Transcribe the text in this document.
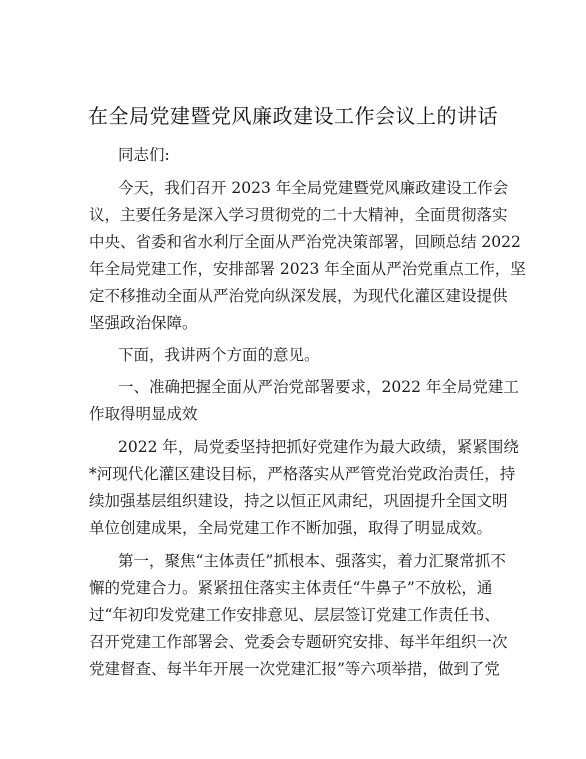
在全局党建暨党风廉政建设工作会议上的讲话
同志们:
今天，我们召开 2023 年全局党建暨党风廉政建设工作会
议，主要任务是深入学习贯彻党的二十大精神，全面贯彻落实
中央、省委和省水利厅全面从严治党决策部署，回顾总结 2022
年全局党建工作，安排部署 2023 年全面从严治党重点工作，坚
定不移推动全面从严治党向纵深发展，为现代化灌区建设提供
坚强政治保障。
下面，我讲两个方面的意见。
一、准确把握全面从严治党部署要求，2022 年全局党建工
作取得明显成效
2022 年，局党委坚持把抓好党建作为最大政绩，紧紧围绕
*河现代化灌区建设目标，严格落实从严管党治党政治责任，持
续加强基层组织建设，持之以恒正风肃纪，巩固提升全国文明
单位创建成果，全局党建工作不断加强，取得了明显成效。
第一，聚焦“主体责任”抓根本、强落实，着力汇聚常抓不
懈的党建合力。紧紧扭住落实主体责任“牛鼻子”不放松，通
过“年初印发党建工作安排意见、层层签订党建工作责任书、
召开党建工作部署会、党委会专题研究安排、每半年组织一次
党建督查、每半年开展一次党建汇报”等六项举措，做到了党
